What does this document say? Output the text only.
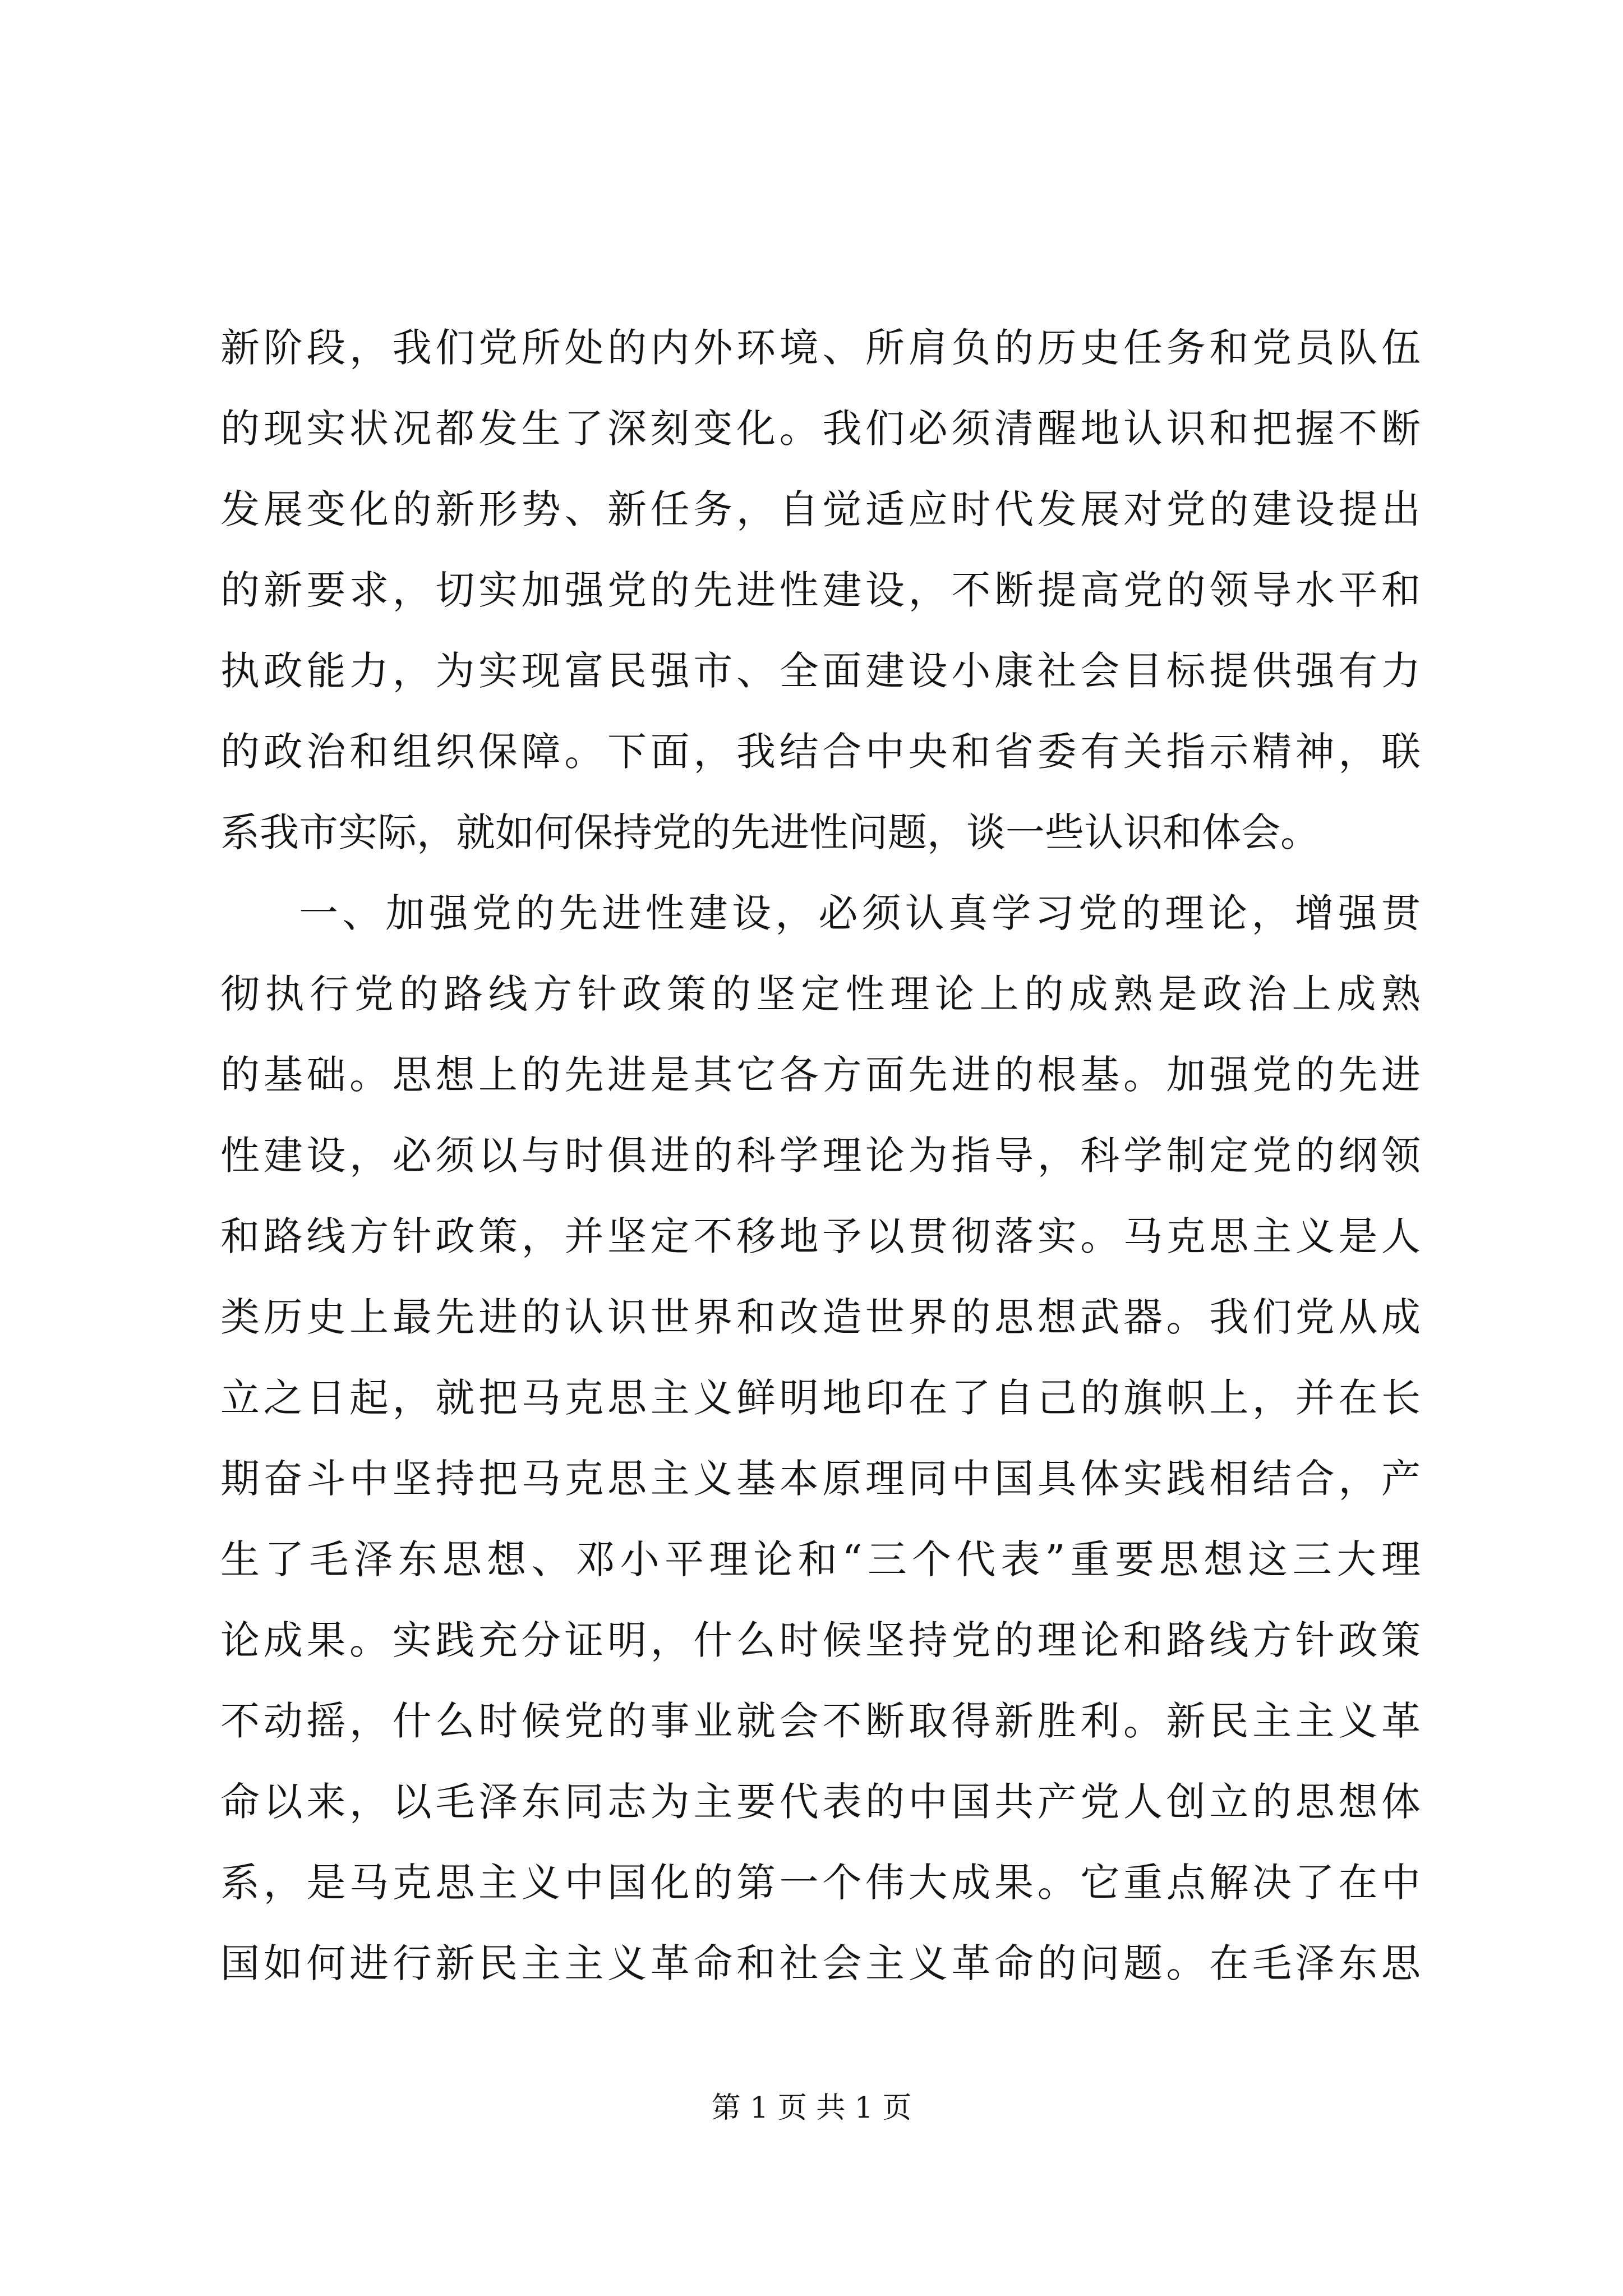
新阶段，我们党所处的内外环境、所肩负的历史任务和党员队伍
的现实状况都发生了深刻变化。我们必须清醒地认识和把握不断
发展变化的新形势、新任务，自觉适应时代发展对党的建设提出
的新要求，切实加强党的先进性建设，不断提高党的领导水平和
执政能力，为实现富民强市、全面建设小康社会目标提供强有力
的政治和组织保障。下面，我结合中央和省委有关指示精神，联
系我市实际，就如何保持党的先进性问题，谈一些认识和体会。
一、加强党的先进性建设，必须认真学习党的理论，增强贯
彻执行党的路线方针政策的坚定性理论上的成熟是政治上成熟
的基础。思想上的先进是其它各方面先进的根基。加强党的先进
性建设，必须以与时俱进的科学理论为指导，科学制定党的纲领
和路线方针政策，并坚定不移地予以贯彻落实。马克思主义是人
类历史上最先进的认识世界和改造世界的思想武器。我们党从成
立之日起，就把马克思主义鲜明地印在了自己的旗帜上，并在长
期奋斗中坚持把马克思主义基本原理同中国具体实践相结合，产
生了毛泽东思想、邓小平理论和“三个代表”重要思想这三大理
论成果。实践充分证明，什么时候坚持党的理论和路线方针政策
不动摇，什么时候党的事业就会不断取得新胜利。新民主主义革
命以来，以毛泽东同志为主要代表的中国共产党人创立的思想体
系，是马克思主义中国化的第一个伟大成果。它重点解决了在中
国如何进行新民主主义革命和社会主义革命的问题。在毛泽东思
第 1 页 共 1 页
